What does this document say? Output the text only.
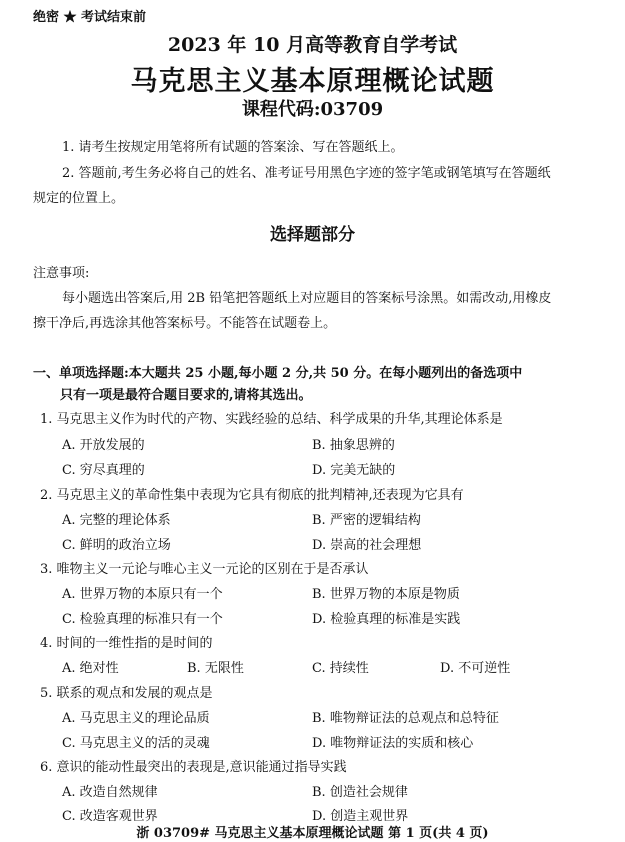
绝密 ★ 考试结束前
2023 年 10 月高等教育自学考试
马克思主义基本原理概论试题
课程代码:03709
1. 请考生按规定用笔将所有试题的答案涂、写在答题纸上。
2. 答题前,考生务必将自己的姓名、准考证号用黑色字迹的签字笔或钢笔填写在答题纸
规定的位置上。
选择题部分
注意事项:
每小题选出答案后,用 2B 铅笔把答题纸上对应题目的答案标号涂黑。如需改动,用橡皮
擦干净后,再选涂其他答案标号。不能答在试题卷上。
一、单项选择题:本大题共 25 小题,每小题 2 分,共 50 分。在每小题列出的备选项中
只有一项是最符合题目要求的,请将其选出。
1. 马克思主义作为时代的产物、实践经验的总结、科学成果的升华,其理论体系是
A. 开放发展的	B. 抽象思辨的
C. 穷尽真理的	D. 完美无缺的
2. 马克思主义的革命性集中表现为它具有彻底的批判精神,还表现为它具有
A. 完整的理论体系	B. 严密的逻辑结构
C. 鲜明的政治立场	D. 崇高的社会理想
3. 唯物主义一元论与唯心主义一元论的区别在于是否承认
A. 世界万物的本原只有一个	B. 世界万物的本原是物质
C. 检验真理的标准只有一个	D. 检验真理的标准是实践
4. 时间的一维性指的是时间的
A. 绝对性	B. 无限性	C. 持续性	D. 不可逆性
5. 联系的观点和发展的观点是
A. 马克思主义的理论品质	B. 唯物辩证法的总观点和总特征
C. 马克思主义的活的灵魂	D. 唯物辩证法的实质和核心
6. 意识的能动性最突出的表现是,意识能通过指导实践
A. 改造自然规律	B. 创造社会规律
C. 改造客观世界	D. 创造主观世界
浙 03709# 马克思主义基本原理概论试题 第 1 页(共 4 页)
